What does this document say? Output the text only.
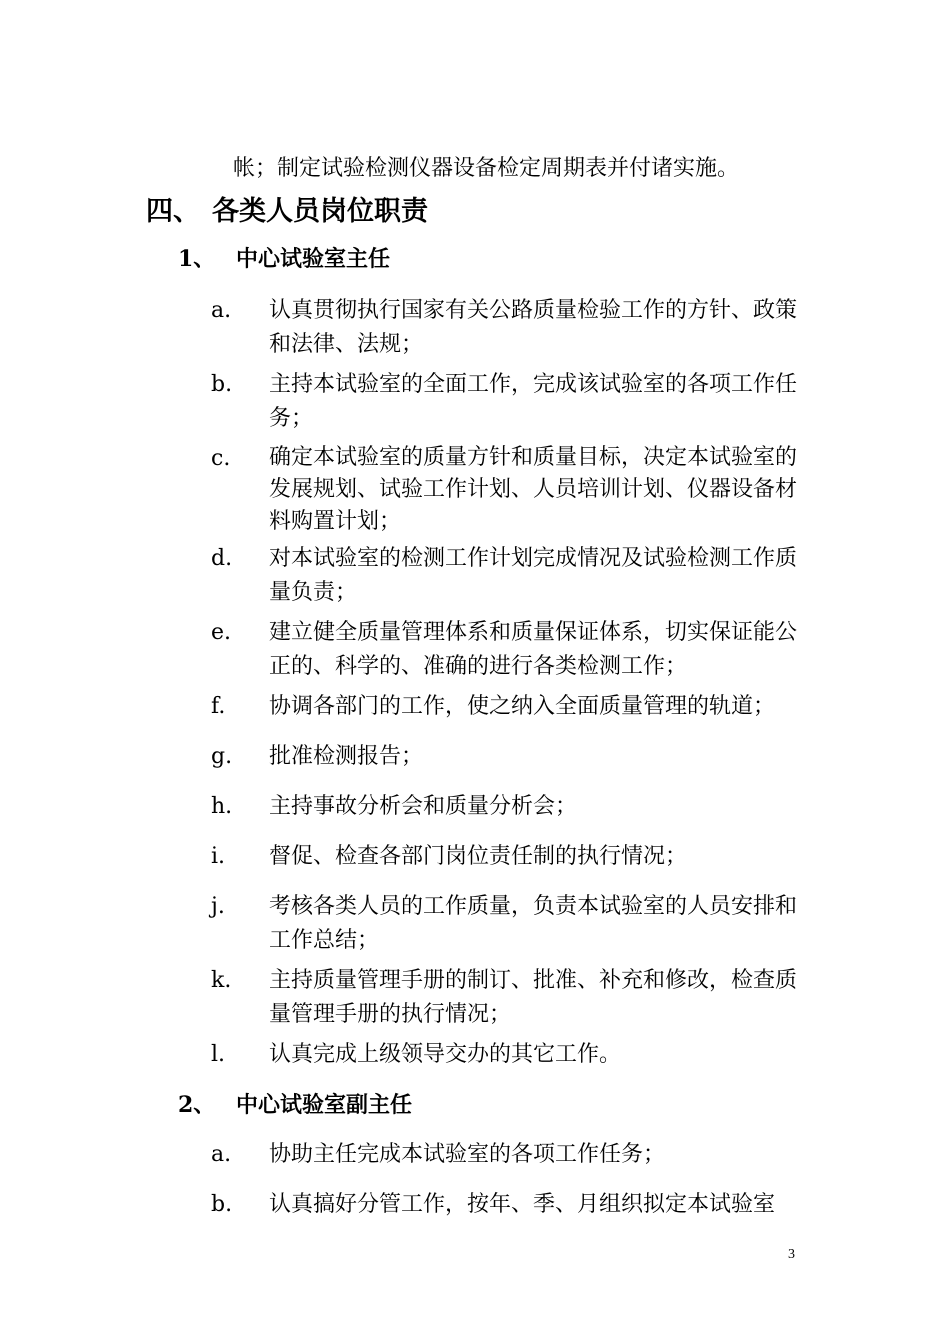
帐；制定试验检测仪器设备检定周期表并付诸实施。
四、 各类人员岗位职责
1、 中心试验室主任
a.	认真贯彻执行国家有关公路质量检验工作的方针、政策和法律、法规；
b.	主持本试验室的全面工作，完成该试验室的各项工作任务；
c.	确定本试验室的质量方针和质量目标，决定本试验室的发展规划、试验工作计划、人员培训计划、仪器设备材料购置计划；
d.	对本试验室的检测工作计划完成情况及试验检测工作质量负责；
e.	建立健全质量管理体系和质量保证体系，切实保证能公正的、科学的、准确的进行各类检测工作；
f.	协调各部门的工作，使之纳入全面质量管理的轨道；
g.	批准检测报告；
h.	主持事故分析会和质量分析会；
i.	督促、检查各部门岗位责任制的执行情况；
j.	考核各类人员的工作质量，负责本试验室的人员安排和工作总结；
k.	主持质量管理手册的制订、批准、补充和修改，检查质量管理手册的执行情况；
l.	认真完成上级领导交办的其它工作。
2、 中心试验室副主任
a.	协助主任完成本试验室的各项工作任务；
b.	认真搞好分管工作，按年、季、月组织拟定本试验室
3
